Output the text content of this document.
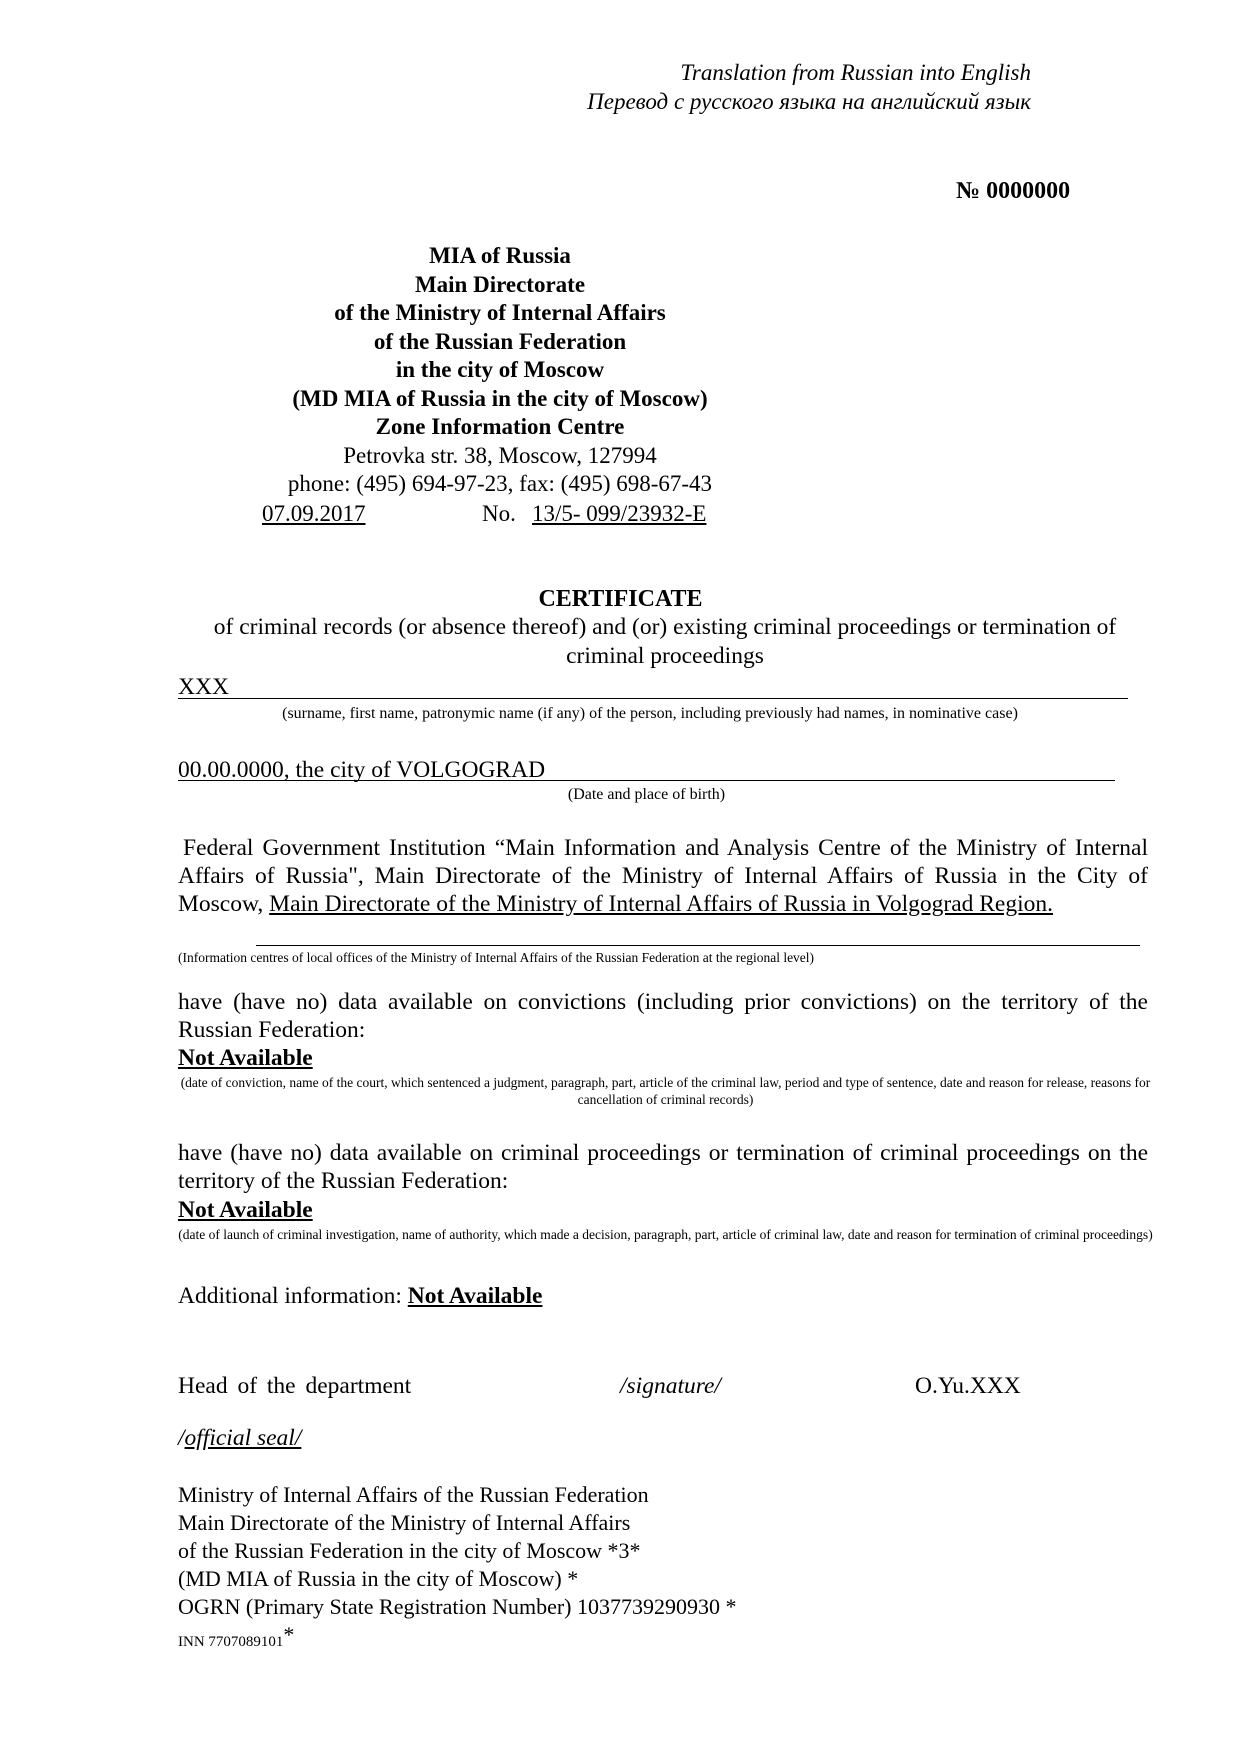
Translation from Russian into English
Перевод с русского языка на английский язык
№ 0000000
MIA of Russia
Main Directorate
of the Ministry of Internal Affairs
of the Russian Federation
in the city of Moscow
(MD MIA of Russia in the city of Moscow)
Zone Information Centre
Petrovka str. 38, Moscow, 127994
phone: (495) 694-97-23, fax: (495) 698-67-43
07.09.2017	No. 13/5- 099/23932-E
CERTIFICATE
of criminal records (or absence thereof) and (or) existing criminal proceedings or termination of criminal proceedings
XXX
(surname, first name, patronymic name (if any) of the person, including previously had names, in nominative case)
00.00.0000, the city of VOLGOGRAD
(Date and place of birth)
Federal Government Institution “Main Information and Analysis Centre of the Ministry of Internal Affairs of Russia", Main Directorate of the Ministry of Internal Affairs of Russia in the City of Moscow, Main Directorate of the Ministry of Internal Affairs of Russia in Volgograd Region.
(Information centres of local offices of the Ministry of Internal Affairs of the Russian Federation at the regional level)
have (have no) data available on convictions (including prior convictions) on the territory of the Russian Federation:
Not Available
(date of conviction, name of the court, which sentenced a judgment, paragraph, part, article of the criminal law, period and type of sentence, date and reason for release, reasons for cancellation of criminal records)
have (have no) data available on criminal proceedings or termination of criminal proceedings on the territory of the Russian Federation:
Not Available
(date of launch of criminal investigation, name of authority, which made a decision, paragraph, part, article of criminal law, date and reason for termination of criminal proceedings)
Additional information: Not Available
Head of the department	/signature/	O.Yu.XXX
/official seal/
Ministry of Internal Affairs of the Russian Federation
Main Directorate of the Ministry of Internal Affairs
of the Russian Federation in the city of Moscow *3*
(MD MIA of Russia in the city of Moscow) *
OGRN (Primary State Registration Number) 1037739290930 *
INN 7707089101*
